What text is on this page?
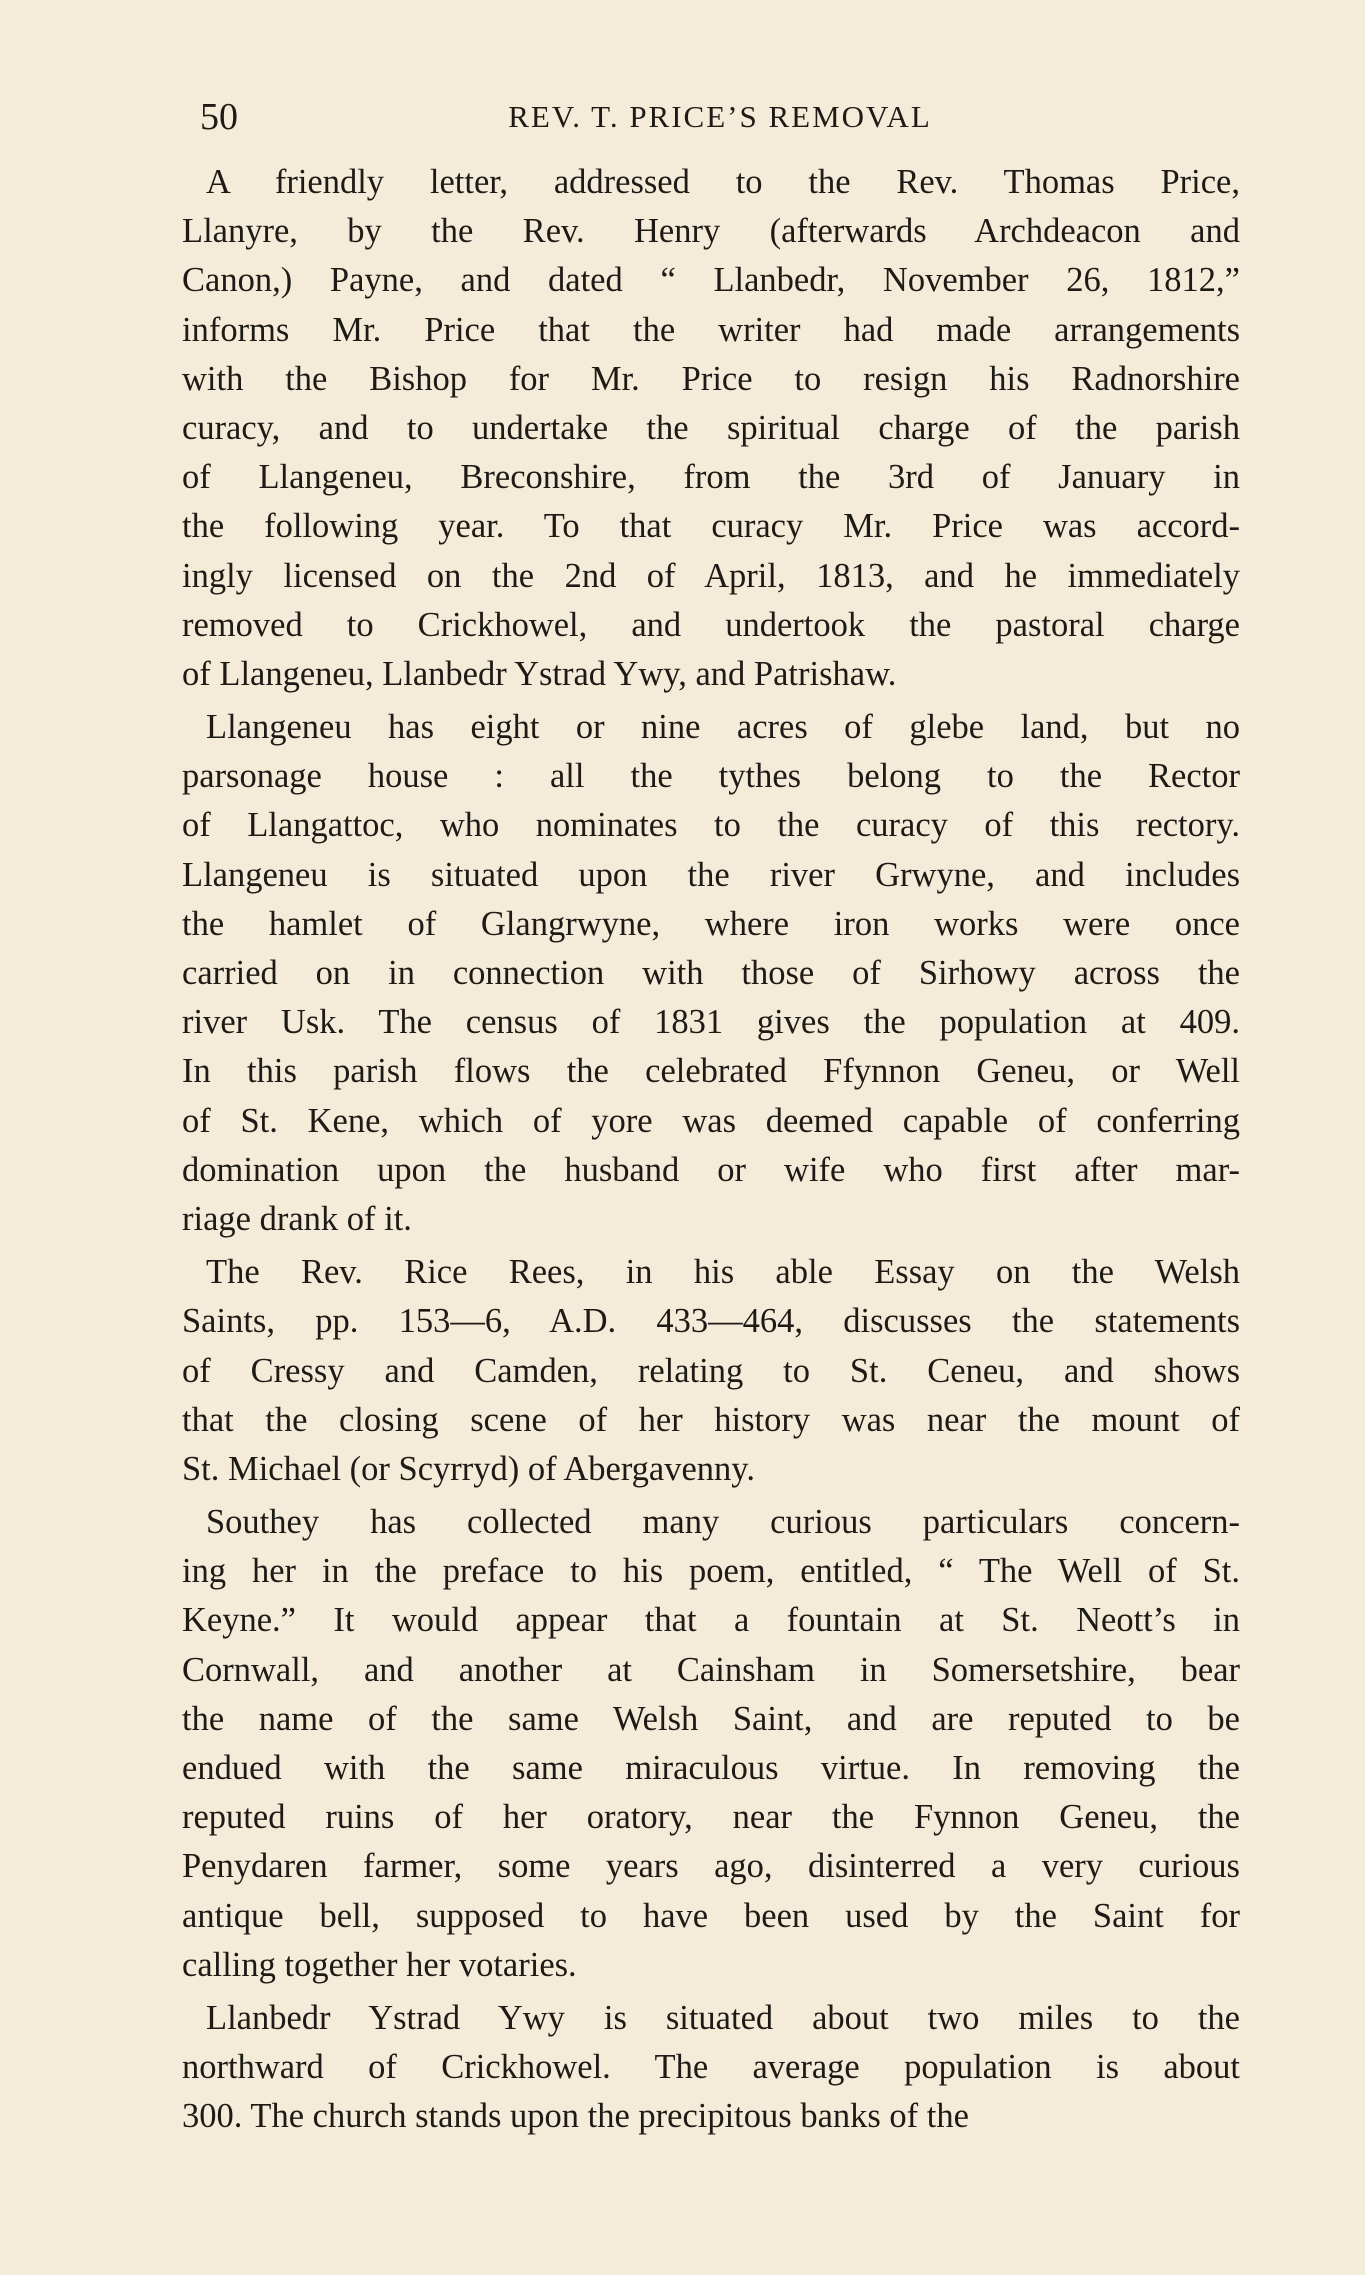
50	REV. T. PRICE’S REMOVAL
A friendly letter, addressed to the Rev. Thomas Price,
Llanyre, by the Rev. Henry (afterwards Archdeacon and
Canon,) Payne, and dated “ Llanbedr, November 26, 1812,”
informs Mr. Price that the writer had made arrangements
with the Bishop for Mr. Price to resign his Radnorshire
curacy, and to undertake the spiritual charge of the parish
of Llangeneu, Breconshire, from the 3rd of January in
the following year. To that curacy Mr. Price was accord-
ingly licensed on the 2nd of April, 1813, and he immediately
removed to Crickhowel, and undertook the pastoral charge
of Llangeneu, Llanbedr Ystrad Ywy, and Patrishaw.
Llangeneu has eight or nine acres of glebe land, but no
parsonage house : all the tythes belong to the Rector
of Llangattoc, who nominates to the curacy of this rectory.
Llangeneu is situated upon the river Grwyne, and includes
the hamlet of Glangrwyne, where iron works were once
carried on in connection with those of Sirhowy across the
river Usk. The census of 1831 gives the population at 409.
In this parish flows the celebrated Ffynnon Geneu, or Well
of St. Kene, which of yore was deemed capable of conferring
domination upon the husband or wife who first after mar-
riage drank of it.
The Rev. Rice Rees, in his able Essay on the Welsh
Saints, pp. 153—6, A.D. 433—464, discusses the statements
of Cressy and Camden, relating to St. Ceneu, and shows
that the closing scene of her history was near the mount of
St. Michael (or Scyrryd) of Abergavenny.
Southey has collected many curious particulars concern-
ing her in the preface to his poem, entitled, “ The Well of St.
Keyne.” It would appear that a fountain at St. Neott’s in
Cornwall, and another at Cainsham in Somersetshire, bear
the name of the same Welsh Saint, and are reputed to be
endued with the same miraculous virtue. In removing the
reputed ruins of her oratory, near the Fynnon Geneu, the
Penydaren farmer, some years ago, disinterred a very curious
antique bell, supposed to have been used by the Saint for
calling together her votaries.
Llanbedr Ystrad Ywy is situated about two miles to the
northward of Crickhowel. The average population is about
300. The church stands upon the precipitous banks of the
